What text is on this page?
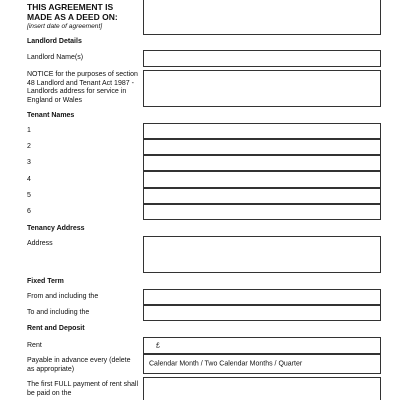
THIS AGREEMENT IS
MADE AS A DEED ON:
[insert date of agreement]
Landlord Details
Landlord Name(s)
NOTICE for the purposes of section
48 Landlord and Tenant Act 1987 -
Landlords address for service in
England or Wales
Tenant Names
1
2
3
4
5
6
Tenancy Address
Address
Fixed Term
From and including the
To and including the
Rent and Deposit
Rent	£
Payable in advance every (delete
as appropriate)
Calendar Month / Two Calendar Months / Quarter
The first FULL payment of rent shall
be paid on the
